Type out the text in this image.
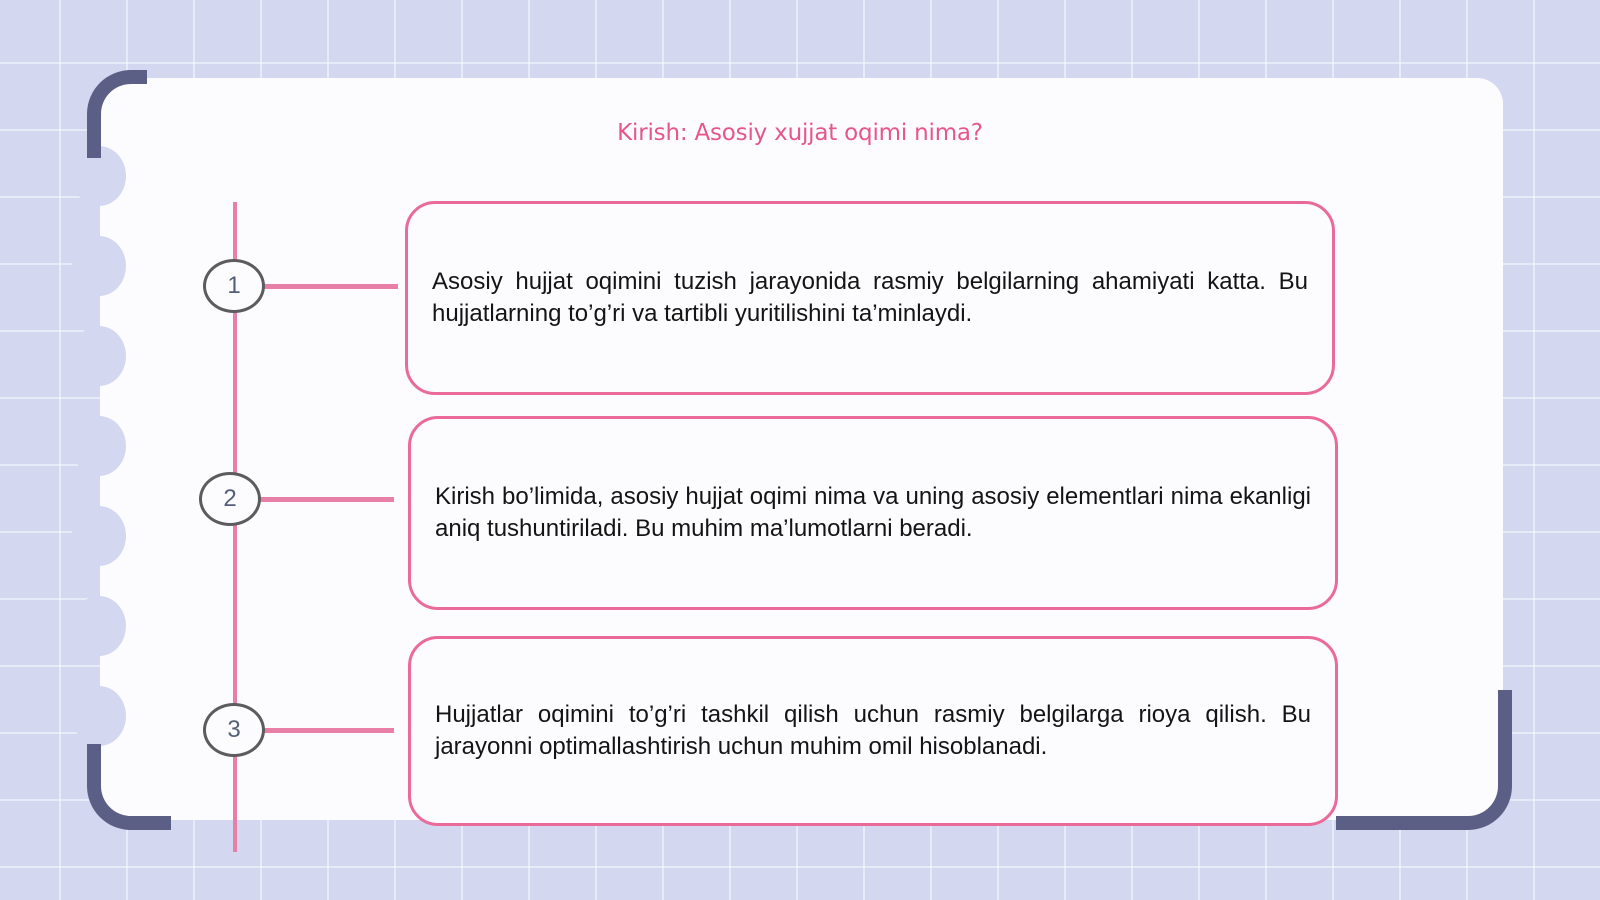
Kirish: Asosiy xujjat oqimi nima?
Asosiy hujjat oqimini tuzish jarayonida rasmiy belgilarning ahamiyati katta. Bu hujjatlarning to’g’ri va tartibli yuritilishini ta’minlaydi.
Kirish bo’limida, asosiy hujjat oqimi nima va uning asosiy elementlari nima ekanligi aniq tushuntiriladi. Bu muhim ma’lumotlarni beradi.
Hujjatlar oqimini to’g’ri tashkil qilish uchun rasmiy belgilarga rioya qilish. Bu jarayonni optimallashtirish uchun muhim omil hisoblanadi.
1
2
3
